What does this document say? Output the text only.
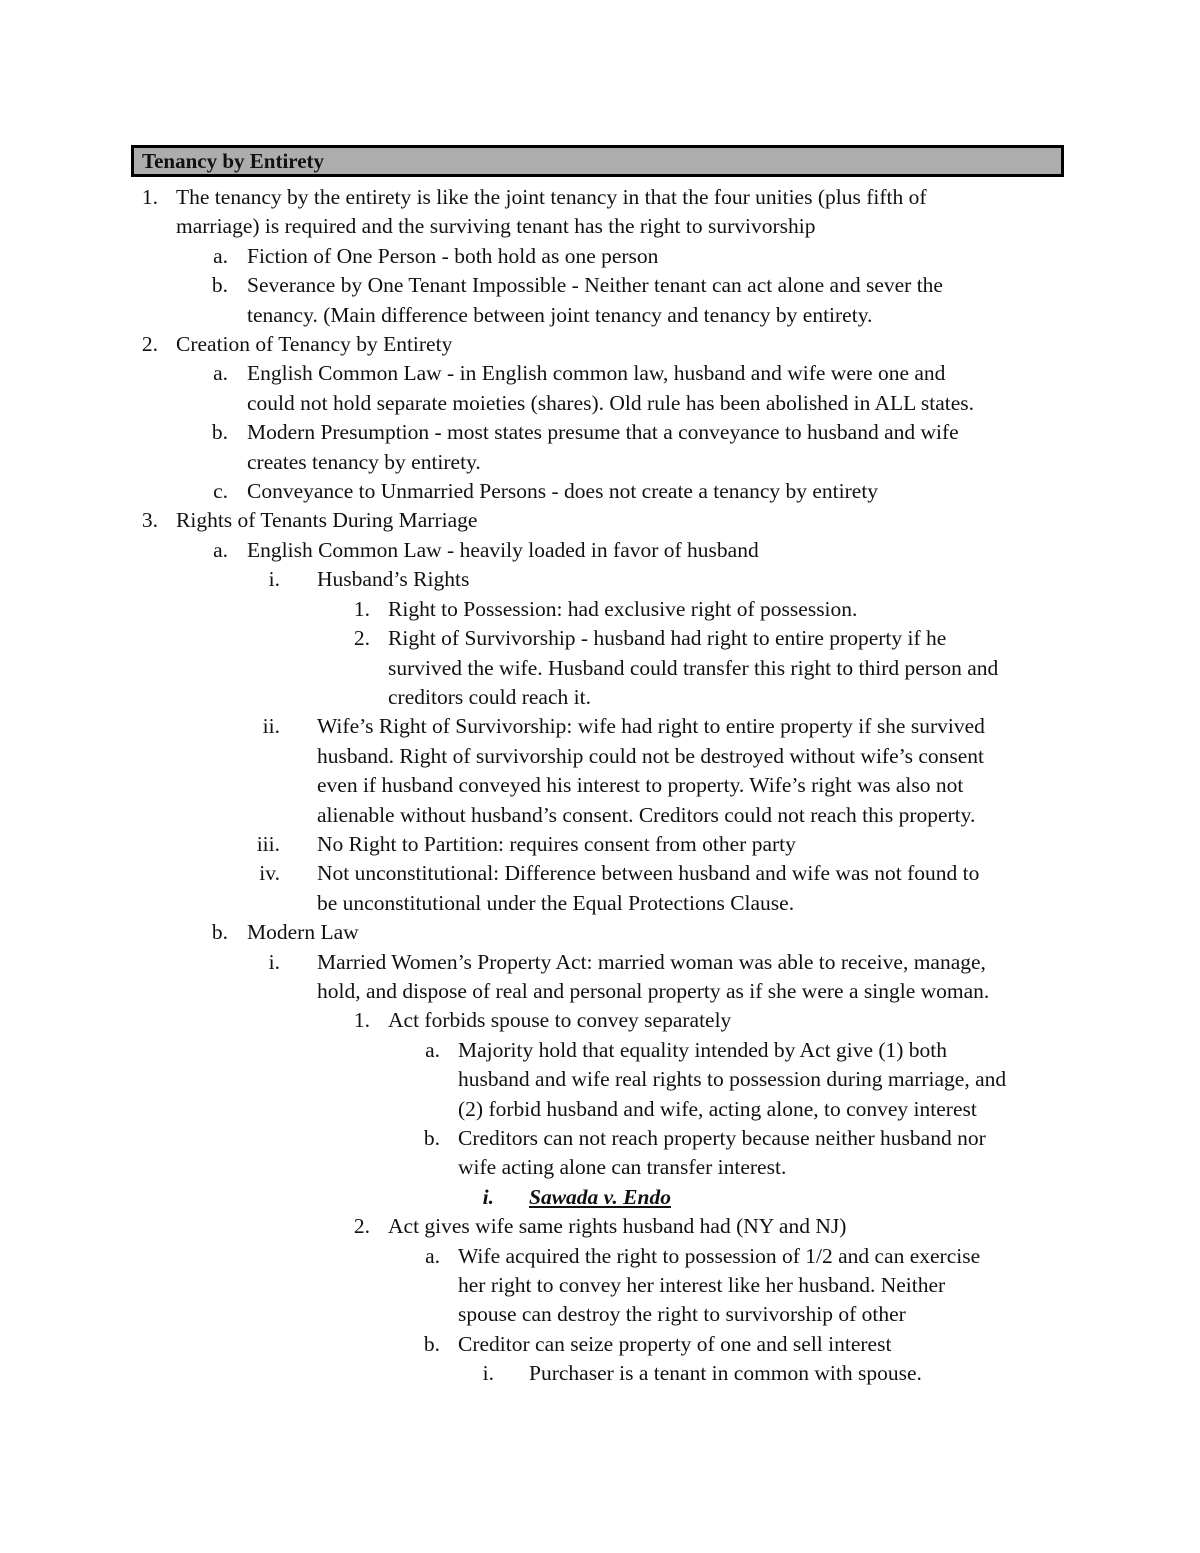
Tenancy by Entirety
1. The tenancy by the entirety is like the joint tenancy in that the four unities (plus fifth of
marriage) is required and the surviving tenant has the right to survivorship
a. Fiction of One Person - both hold as one person
b. Severance by One Tenant Impossible - Neither tenant can act alone and sever the
tenancy. (Main difference between joint tenancy and tenancy by entirety.
2. Creation of Tenancy by Entirety
a. English Common Law - in English common law, husband and wife were one and
could not hold separate moieties (shares). Old rule has been abolished in ALL states.
b. Modern Presumption - most states presume that a conveyance to husband and wife
creates tenancy by entirety.
c. Conveyance to Unmarried Persons - does not create a tenancy by entirety
3. Rights of Tenants During Marriage
a. English Common Law - heavily loaded in favor of husband
i. Husband’s Rights
1. Right to Possession: had exclusive right of possession.
2. Right of Survivorship - husband had right to entire property if he
survived the wife. Husband could transfer this right to third person and
creditors could reach it.
ii. Wife’s Right of Survivorship: wife had right to entire property if she survived
husband. Right of survivorship could not be destroyed without wife’s consent
even if husband conveyed his interest to property. Wife’s right was also not
alienable without husband’s consent. Creditors could not reach this property.
iii. No Right to Partition: requires consent from other party
iv. Not unconstitutional: Difference between husband and wife was not found to
be unconstitutional under the Equal Protections Clause.
b. Modern Law
i. Married Women’s Property Act: married woman was able to receive, manage,
hold, and dispose of real and personal property as if she were a single woman.
1. Act forbids spouse to convey separately
a. Majority hold that equality intended by Act give (1) both
husband and wife real rights to possession during marriage, and
(2) forbid husband and wife, acting alone, to convey interest
b. Creditors can not reach property because neither husband nor
wife acting alone can transfer interest.
i. Sawada v. Endo
2. Act gives wife same rights husband had (NY and NJ)
a. Wife acquired the right to possession of 1/2 and can exercise
her right to convey her interest like her husband. Neither
spouse can destroy the right to survivorship of other
b. Creditor can seize property of one and sell interest
i. Purchaser is a tenant in common with spouse.
